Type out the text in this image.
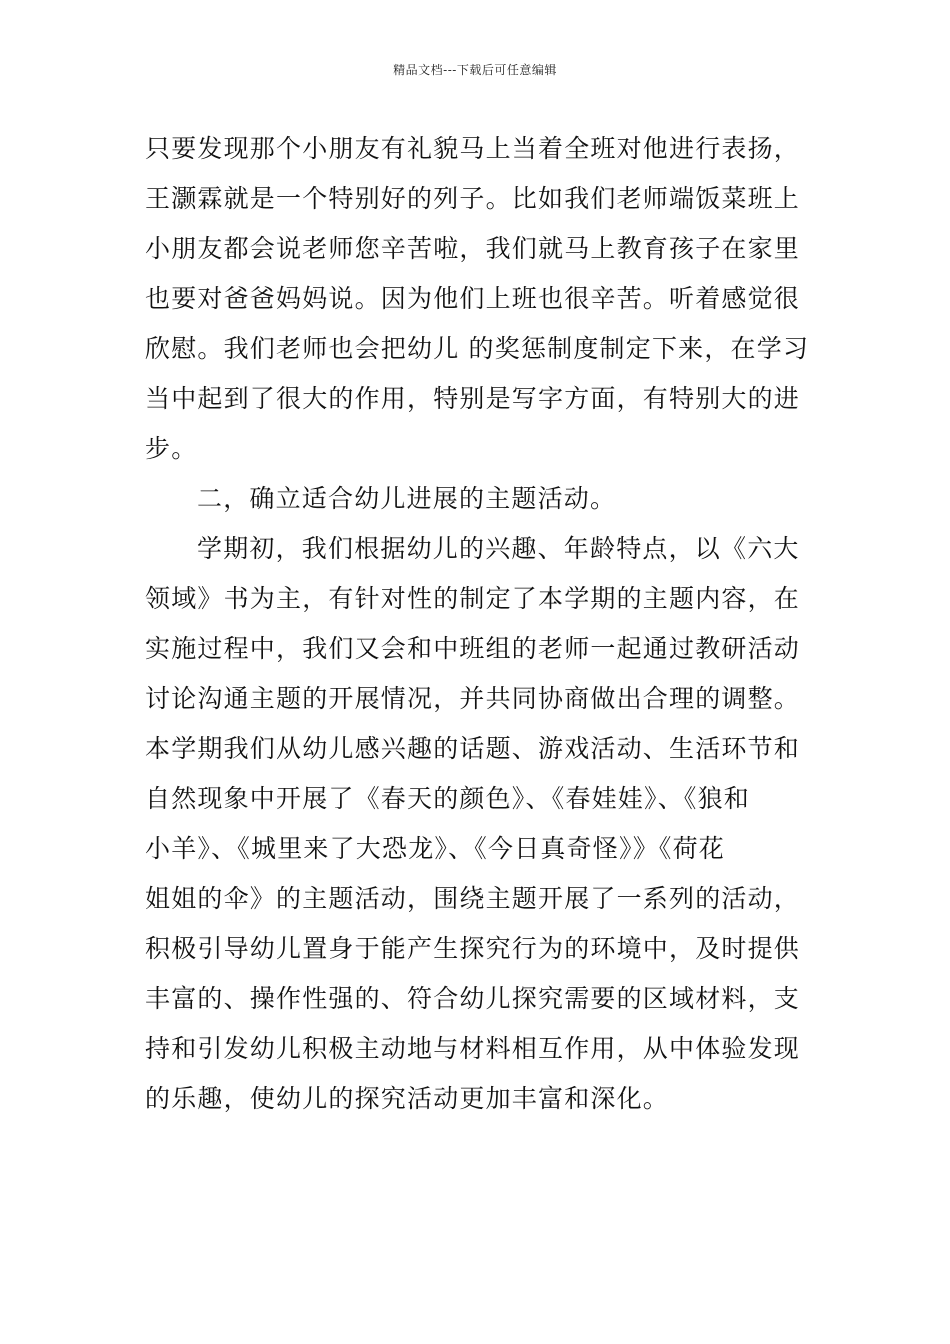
精品文档---下载后可任意编辑
只要发现那个小朋友有礼貌马上当着全班对他进行表扬，
王灏霖就是一个特别好的列子。比如我们老师端饭菜班上
小朋友都会说老师您辛苦啦，我们就马上教育孩子在家里
也要对爸爸妈妈说。因为他们上班也很辛苦。听着感觉很
欣慰。我们老师也会把幼儿 的奖惩制度制定下来，在学习
当中起到了很大的作用，特别是写字方面，有特别大的进
步。
二，确立适合幼儿进展的主题活动。
学期初，我们根据幼儿的兴趣、年龄特点，以《六大
领域》书为主，有针对性的制定了本学期的主题内容，在
实施过程中，我们又会和中班组的老师一起通过教研活动
讨论沟通主题的开展情况，并共同协商做出合理的调整。
本学期我们从幼儿感兴趣的话题、游戏活动、生活环节和
自然现象中开展了《春天的颜色》、《春娃娃》、《狼和
小羊》、《城里来了大恐龙》、《今日真奇怪》》《荷花
姐姐的伞》的主题活动，围绕主题开展了一系列的活动，
积极引导幼儿置身于能产生探究行为的环境中，及时提供
丰富的、操作性强的、符合幼儿探究需要的区域材料，支
持和引发幼儿积极主动地与材料相互作用，从中体验发现
的乐趣，使幼儿的探究活动更加丰富和深化。
